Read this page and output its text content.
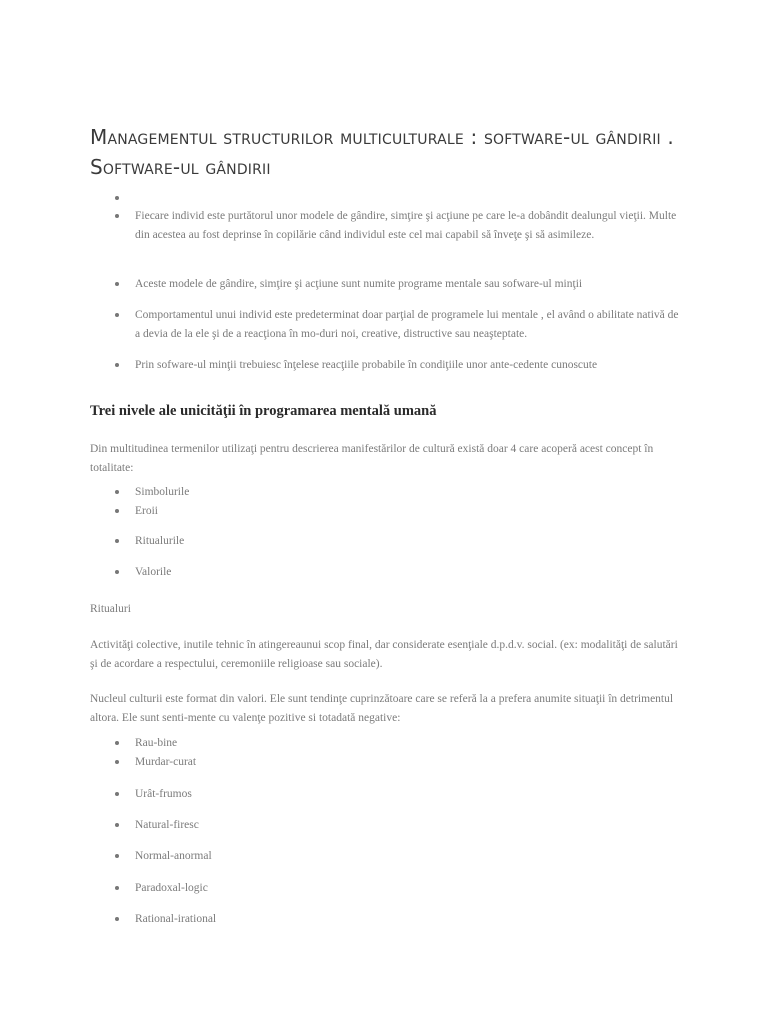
Managementul structurilor multiculturale : software-ul gândirii . Software-ul gândirii
Fiecare individ este purtătorul unor modele de gândire, simţire şi acţiune pe care le-a dobândit dealungul vieţii. Multe din acestea au fost deprinse în copilărie când individul este cel mai capabil să înveţe şi să asimileze.
Aceste modele de gândire, simţire şi acţiune sunt numite programe mentale sau sofware-ul minţii
Comportamentul unui individ este predeterminat doar parţial de programele lui mentale , el având o abilitate nativă de a devia de la ele şi de a reacţiona în mo-duri noi, creative, distructive sau neaşteptate.
Prin sofware-ul minţii trebuiesc înţelese reacţiile probabile în condiţiile unor ante-cedente cunoscute
Trei nivele ale unicităţii în programarea mentală umană

Din multitudinea termenilor utilizaţi pentru descrierea manifestărilor de cultură există doar 4 care acoperă acest concept în totalitate:

Simbolurile
Eroii
Ritualurile
Valorile

Ritualuri

Activităţi colective, inutile tehnic în atingereaunui scop final, dar considerate esenţiale d.p.d.v. social. (ex: modalităţi de salutări şi de acordare a respectului, ceremoniile religioase sau sociale).

Nucleul culturii este format din valori. Ele sunt tendinţe cuprinzătoare care se referă la a prefera anumite situaţii în detrimentul altora. Ele sunt senti-mente cu valenţe pozitive si totadată negative:

Rau-bine
Murdar-curat
Urât-frumos
Natural-firesc
Normal-anormal
Paradoxal-logic
Rational-irational
